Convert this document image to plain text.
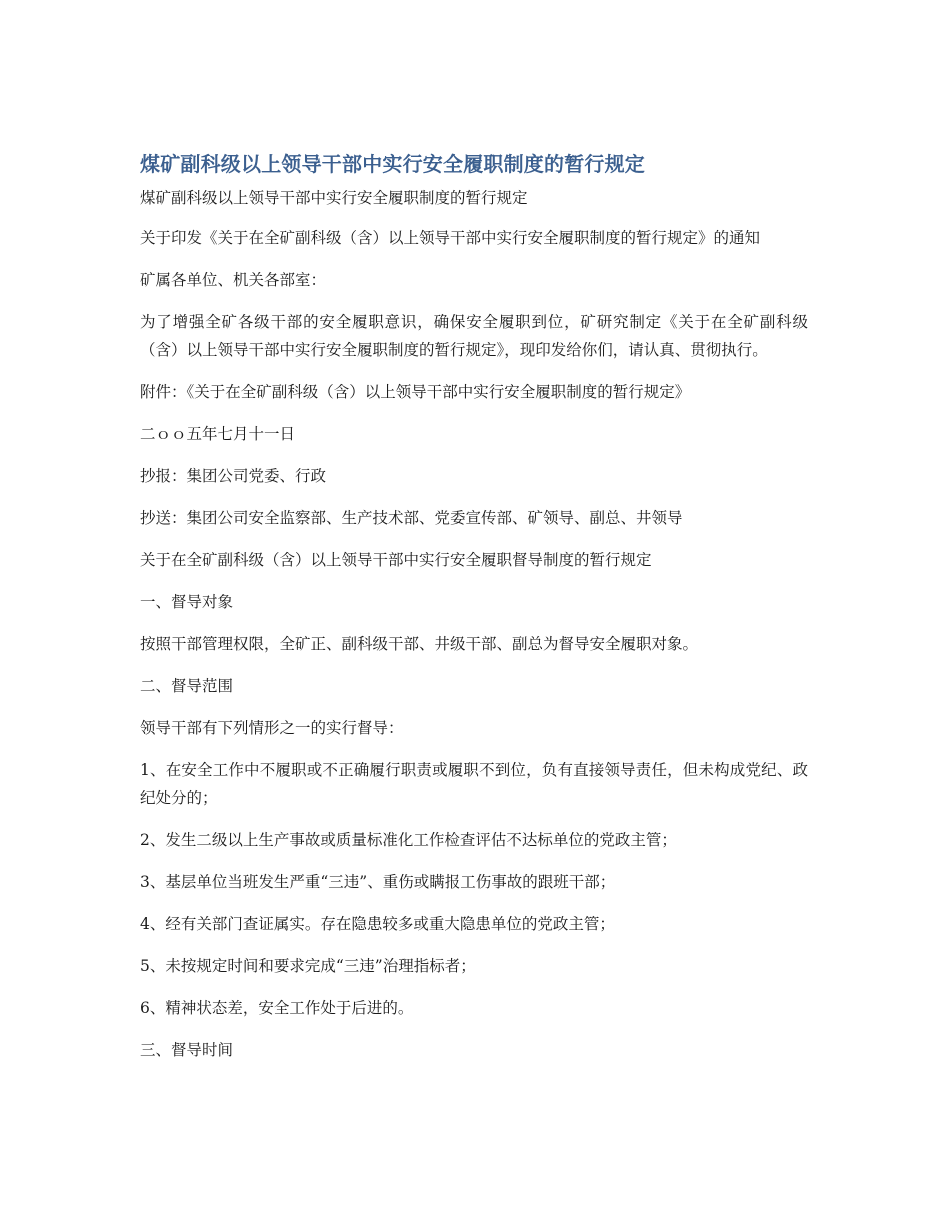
煤矿副科级以上领导干部中实行安全履职制度的暂行规定

煤矿副科级以上领导干部中实行安全履职制度的暂行规定

关于印发《关于在全矿副科级（含）以上领导干部中实行安全履职制度的暂行规定》的通知

矿属各单位、机关各部室：

为了增强全矿各级干部的安全履职意识，确保安全履职到位，矿研究制定《关于在全矿副科级（含）以上领导干部中实行安全履职制度的暂行规定》，现印发给你们，请认真、贯彻执行。

附件：《关于在全矿副科级（含）以上领导干部中实行安全履职制度的暂行规定》

二ｏｏ五年七月十一日

抄报：集团公司党委、行政

抄送：集团公司安全监察部、生产技术部、党委宣传部、矿领导、副总、井领导

关于在全矿副科级（含）以上领导干部中实行安全履职督导制度的暂行规定

一、督导对象

按照干部管理权限，全矿正、副科级干部、井级干部、副总为督导安全履职对象。

二、督导范围

领导干部有下列情形之一的实行督导：

1、在安全工作中不履职或不正确履行职责或履职不到位，负有直接领导责任，但未构成党纪、政纪处分的；

2、发生二级以上生产事故或质量标准化工作检查评估不达标单位的党政主管；

3、基层单位当班发生严重“三违”、重伤或瞒报工伤事故的跟班干部；

4、经有关部门查证属实。存在隐患较多或重大隐患单位的党政主管；

5、未按规定时间和要求完成“三违”治理指标者；

6、精神状态差，安全工作处于后进的。

三、督导时间
